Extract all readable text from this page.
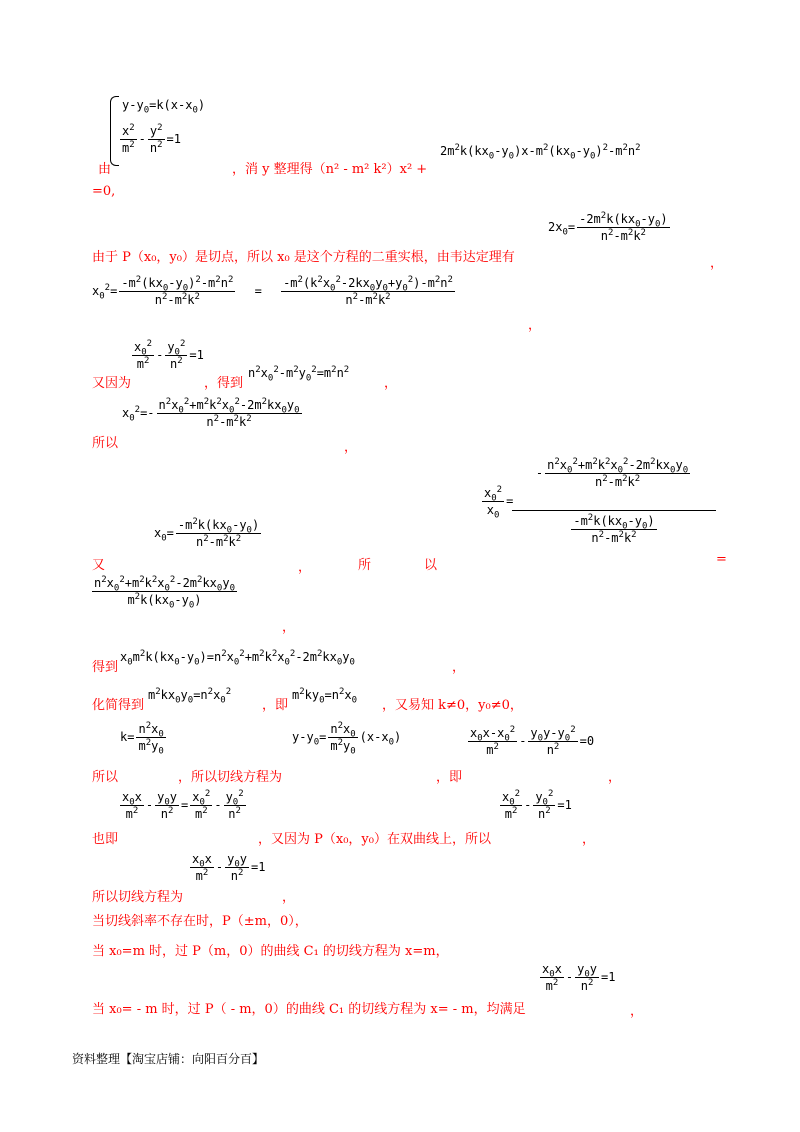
$y-y_0=k(x-x_0)$
$\frac{x^2}{m^2} - \frac{y^2}{n^2} =1$
由	，消 y 整理得（n² - m² k²）x² +
$2m^2k(kx_0-y_0)x-m^2(kx_0-y_0)^2-m^2n^2$
=0,
由于 P（x₀，y₀）是切点，所以 x₀ 是这个方程的二重实根，由韦达定理有
$2x_0= \frac{-2m^2k(kx_0-y_0)}{n^2-m^2k^2}$
，
$x_0^2= \frac{-m^2(kx_0-y_0)^2-m^2n^2}{n^2-m^2k^2} = \frac{-m^2(k^2x_0^2-2kx_0y_0+y_0^2)-m^2n^2}{n^2-m^2k^2}$
，
又因为
$\frac{x_0^2}{m^2} - \frac{y_0^2}{n^2} =1$
，得到
$n^2x_0^2-m^2y_0^2=m^2n^2$
，
所以
$x_0^2=- \frac{n^2x_0^2+m^2k^2x_0^2-2m^2kx_0y_0}{n^2-m^2k^2}$
，
又
$x_0= \frac{-m^2k(kx_0-y_0)}{n^2-m^2k^2}$
，	所	以
$\frac{x_0^2}{x_0}$ =
- $\frac{n^2x_0^2+m^2k^2x_0^2-2m^2kx_0y_0}{n^2-m^2k^2}$
$\frac{-m^2k(kx_0-y_0)}{n^2-m^2k^2}$
=
$\frac{n^2x_0^2+m^2k^2x_0^2-2m^2kx_0y_0}{m^2k(kx_0-y_0)}$
，
得到
$x_0m^2k(kx_0-y_0)=n^2x_0^2+m^2k^2x_0^2-2m^2kx_0y_0$	，
化简得到
$m^2kx_0y_0=n^2x_0^2$
，即
$m^2ky_0=n^2x_0$ ，又易知 k≠0，y₀≠0，
所以
$k= \frac{n^2x_0}{m^2y_0}$
，所以切线方程为
$y-y_0= \frac{n^2x_0}{m^2y_0} (x-x_0)$
，即
$\frac{x_0x-x_0^2}{m^2} - \frac{y_0y-y_0^2}{n^2} =0$
，
也即
$\frac{x_0x}{m^2} - \frac{y_0y}{n^2} = \frac{x_0^2}{m^2} - \frac{y_0^2}{n^2}$
，又因为 P（x₀，y₀）在双曲线上，所以
$\frac{x_0^2}{m^2} - \frac{y_0^2}{n^2} =1$
，
所以切线方程为
$\frac{x_0x}{m^2} - \frac{y_0y}{n^2} =1$
，
当切线斜率不存在时，P（±m，0），
当 x₀=m 时，过 P（m，0）的曲线 C₁ 的切线方程为 x=m，
当 x₀= - m 时，过 P（ - m，0）的曲线 C₁ 的切线方程为 x= - m，均满足
$\frac{x_0x}{m^2} - \frac{y_0y}{n^2} =1$
，
资料整理【淘宝店铺：向阳百分百】
